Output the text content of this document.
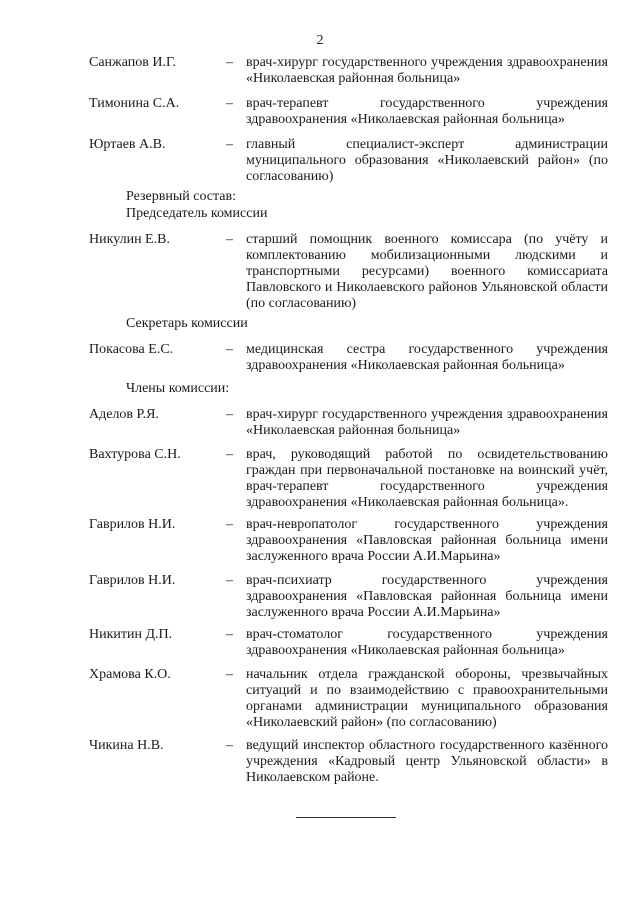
2
Санжапов И.Г.	– врач-хирург государственного учреждения здравоохранения «Николаевская районная больница»
Тимонина С.А.	– врач-терапевт государственного учреждения здравоохранения «Николаевская районная больница»
Юртаев А.В.	– главный специалист-эксперт администрации муниципального образования «Николаевский район» (по согласованию)
Резервный состав:
Председатель комиссии
Никулин Е.В.	– старший помощник военного комиссара (по учёту и комплектованию мобилизационными людскими и транспортными ресурсами) военного комиссариата Павловского и Николаевского районов Ульяновской области (по согласованию)
Секретарь комиссии
Покасова Е.С.	– медицинская сестра государственного учреждения здравоохранения «Николаевская районная больница»
Члены комиссии:
Аделов Р.Я.	– врач-хирург государственного учреждения здравоохранения «Николаевская районная больница»
Вахтурова С.Н.	– врач, руководящий работой по освидетельствованию граждан при первоначальной постановке на воинский учёт, врач-терапевт государственного учреждения здравоохранения «Николаевская районная больница».
Гаврилов Н.И.	– врач-невропатолог государственного учреждения здравоохранения «Павловская районная больница имени заслуженного врача России А.И.Марьина»
Гаврилов Н.И.	– врач-психиатр государственного учреждения здравоохранения «Павловская районная больница имени заслуженного врача России А.И.Марьина»
Никитин Д.П.	– врач-стоматолог государственного учреждения здравоохранения «Николаевская районная больница»
Храмова К.О.	– начальник отдела гражданской обороны, чрезвычайных ситуаций и по взаимодействию с правоохранительными органами администрации муниципального образования «Николаевский район» (по согласованию)
Чикина Н.В.	– ведущий инспектор областного государственного казённого учреждения «Кадровый центр Ульяновской области» в Николаевском районе.
